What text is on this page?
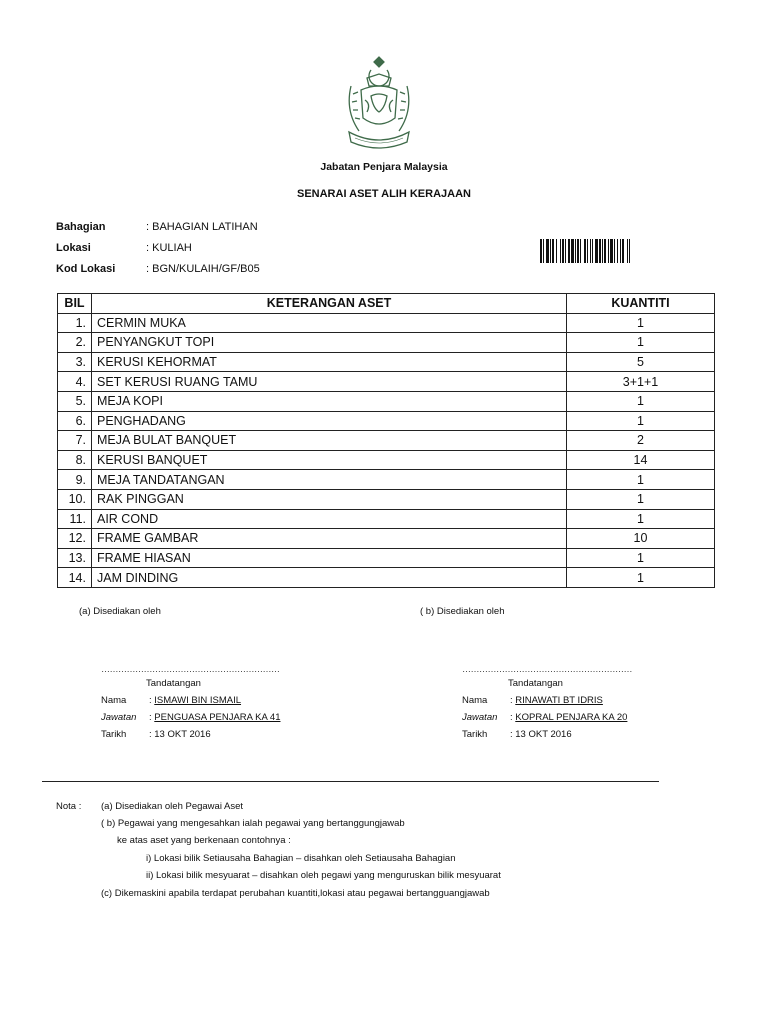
Jabatan Penjara Malaysia
SENARAI ASET ALIH KERAJAAN
Bahagian	: BAHAGIAN LATIHAN
Lokasi	: KULIAH
Kod Lokasi	: BGN/KULAIH/GF/B05
BIL	KETERANGAN ASET	KUANTITI
1.	CERMIN MUKA	1
2.	PENYANGKUT TOPI	1
3.	KERUSI KEHORMAT	5
4.	SET KERUSI RUANG TAMU	3+1+1
5.	MEJA KOPI	1
6.	PENGHADANG	1
7.	MEJA BULAT BANQUET	2
8.	KERUSI BANQUET	14
9.	MEJA TANDATANGAN	1
10.	RAK PINGGAN	1
11.	AIR COND	1
12.	FRAME GAMBAR	10
13.	FRAME HIASAN	1
14.	JAM DINDING	1
(a) Disediakan oleh
………………………………………………………
Tandatangan
Nama : ISMAWI BIN ISMAIL
Jawatan : PENGUASA PENJARA KA 41
Tarikh : 13 OKT 2016
( b) Disediakan oleh
……………………………………………………
Tandatangan
Nama : RINAWATI BT IDRIS
Jawatan : KOPRAL PENJARA KA 20
Tarikh : 13 OKT 2016
Nota : (a) Disediakan oleh Pegawai Aset
( b) Pegawai yang mengesahkan ialah pegawai yang bertanggungjawab
ke atas aset yang berkenaan contohnya :
i) Lokasi bilik Setiausaha Bahagian – disahkan oleh Setiausaha Bahagian
ii) Lokasi bilik mesyuarat – disahkan oleh pegawi yang menguruskan bilik mesyuarat
(c) Dikemaskini apabila terdapat perubahan kuantiti,lokasi atau pegawai bertangguangjawab
